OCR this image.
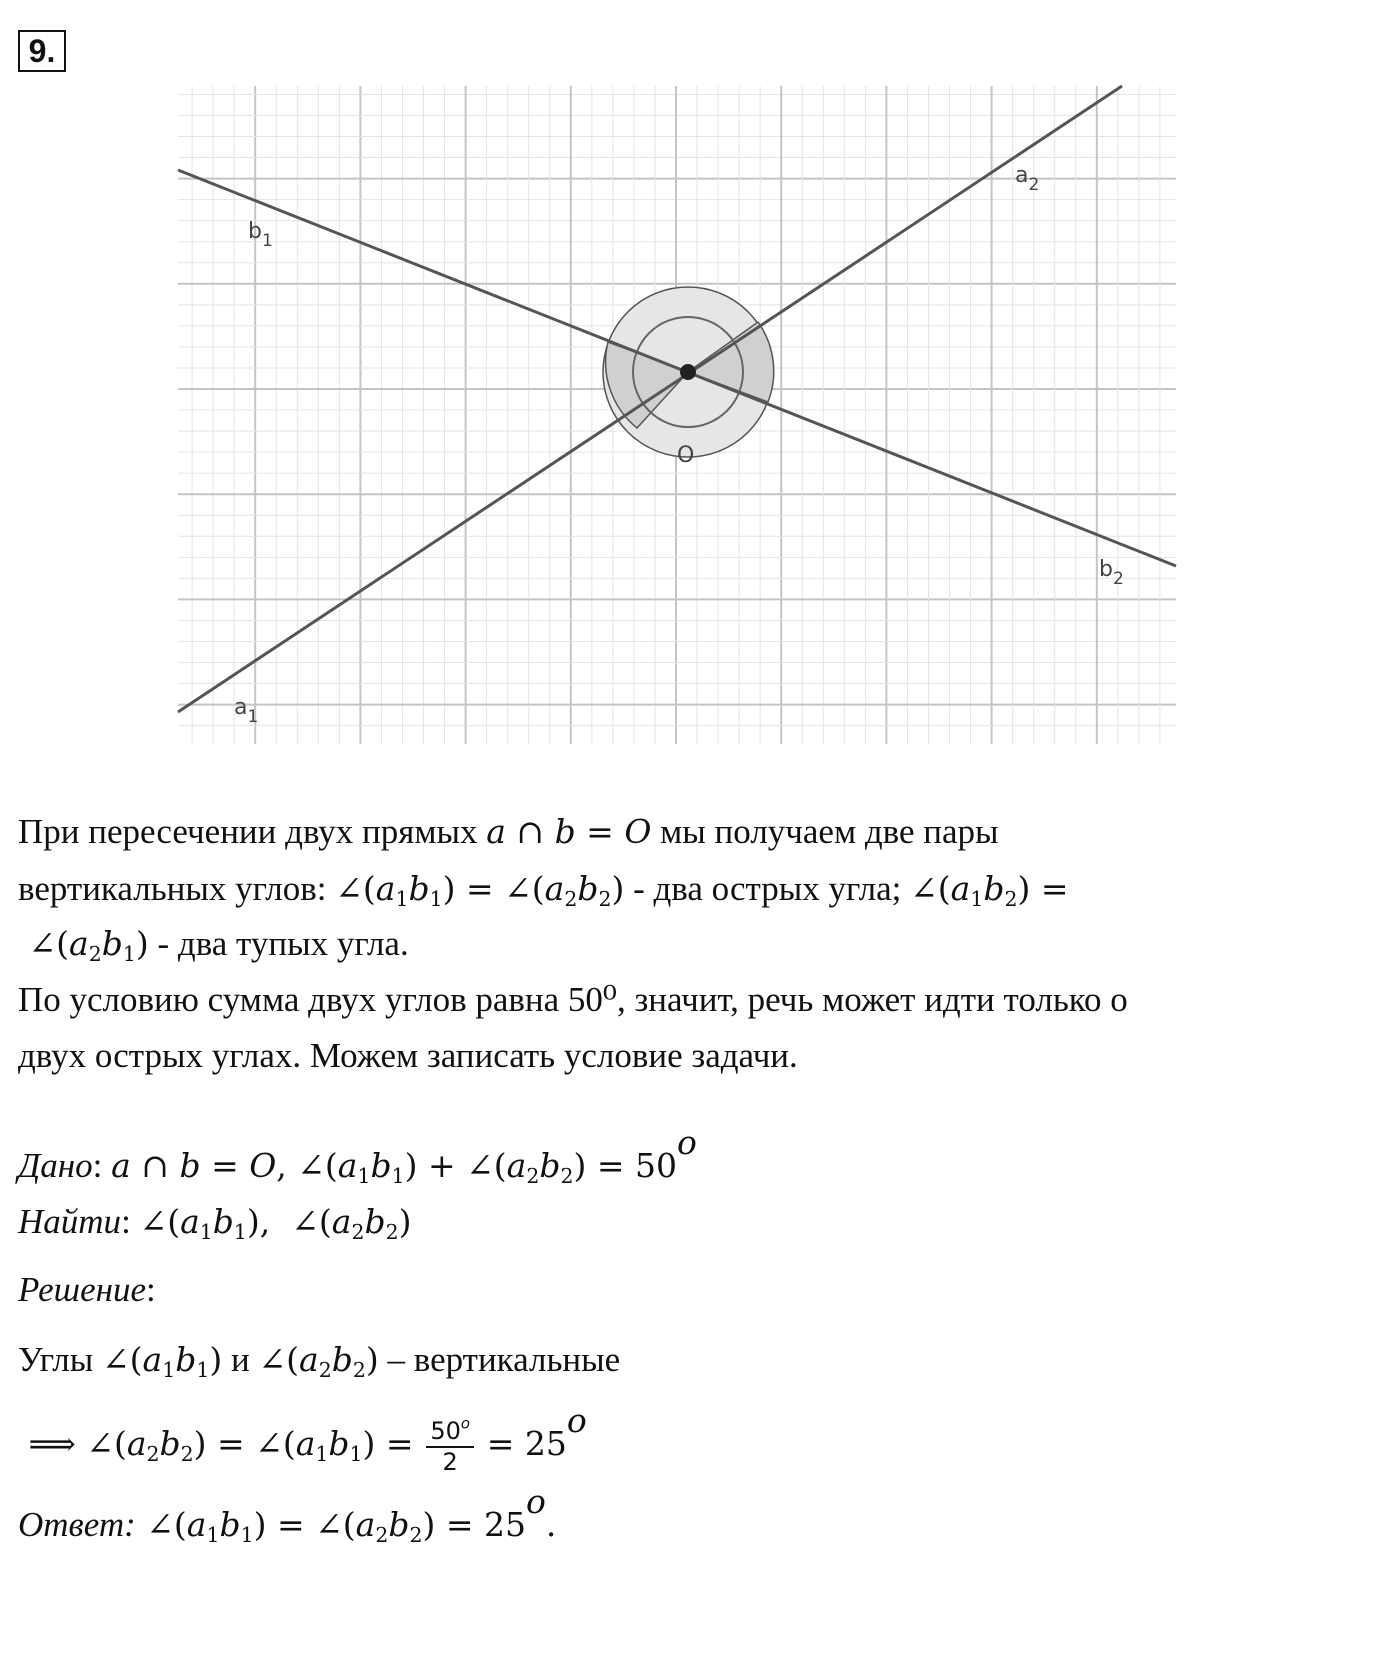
9.
$b_1$
$a_2$
O
$b_2$
$a_1$
При пересечении двух прямых a ∩ b = O мы получаем две пары
вертикальных углов: $\angle(a_1b_1)$ = $\angle(a_2b_2)$ - два острых угла; $\angle(a_1b_2)$ =
$\angle(a_2b_1)$ - два тупых угла.
По условию сумма двух углов равна 50⁰, значит, речь может идти только о
двух острых углах. Можем записать условие задачи.
Дано: a ∩ b = O, $\angle(a_1b_1)$ + $\angle(a_2b_2) = 50^o$
Найти: $\angle(a_1b_1)$,  $\angle(a_2b_2)$
Решение:
Углы $\angle(a_1b_1)$ и $\angle(a_2b_2)$ – вертикальные
⟹ $\angle(a_2b_2)$ = $\angle(a_1b_1) = \frac{50^o}{2} = 25^o$
Ответ: $\angle(a_1b_1)$ = $\angle(a_2b_2) = 25^o$.
